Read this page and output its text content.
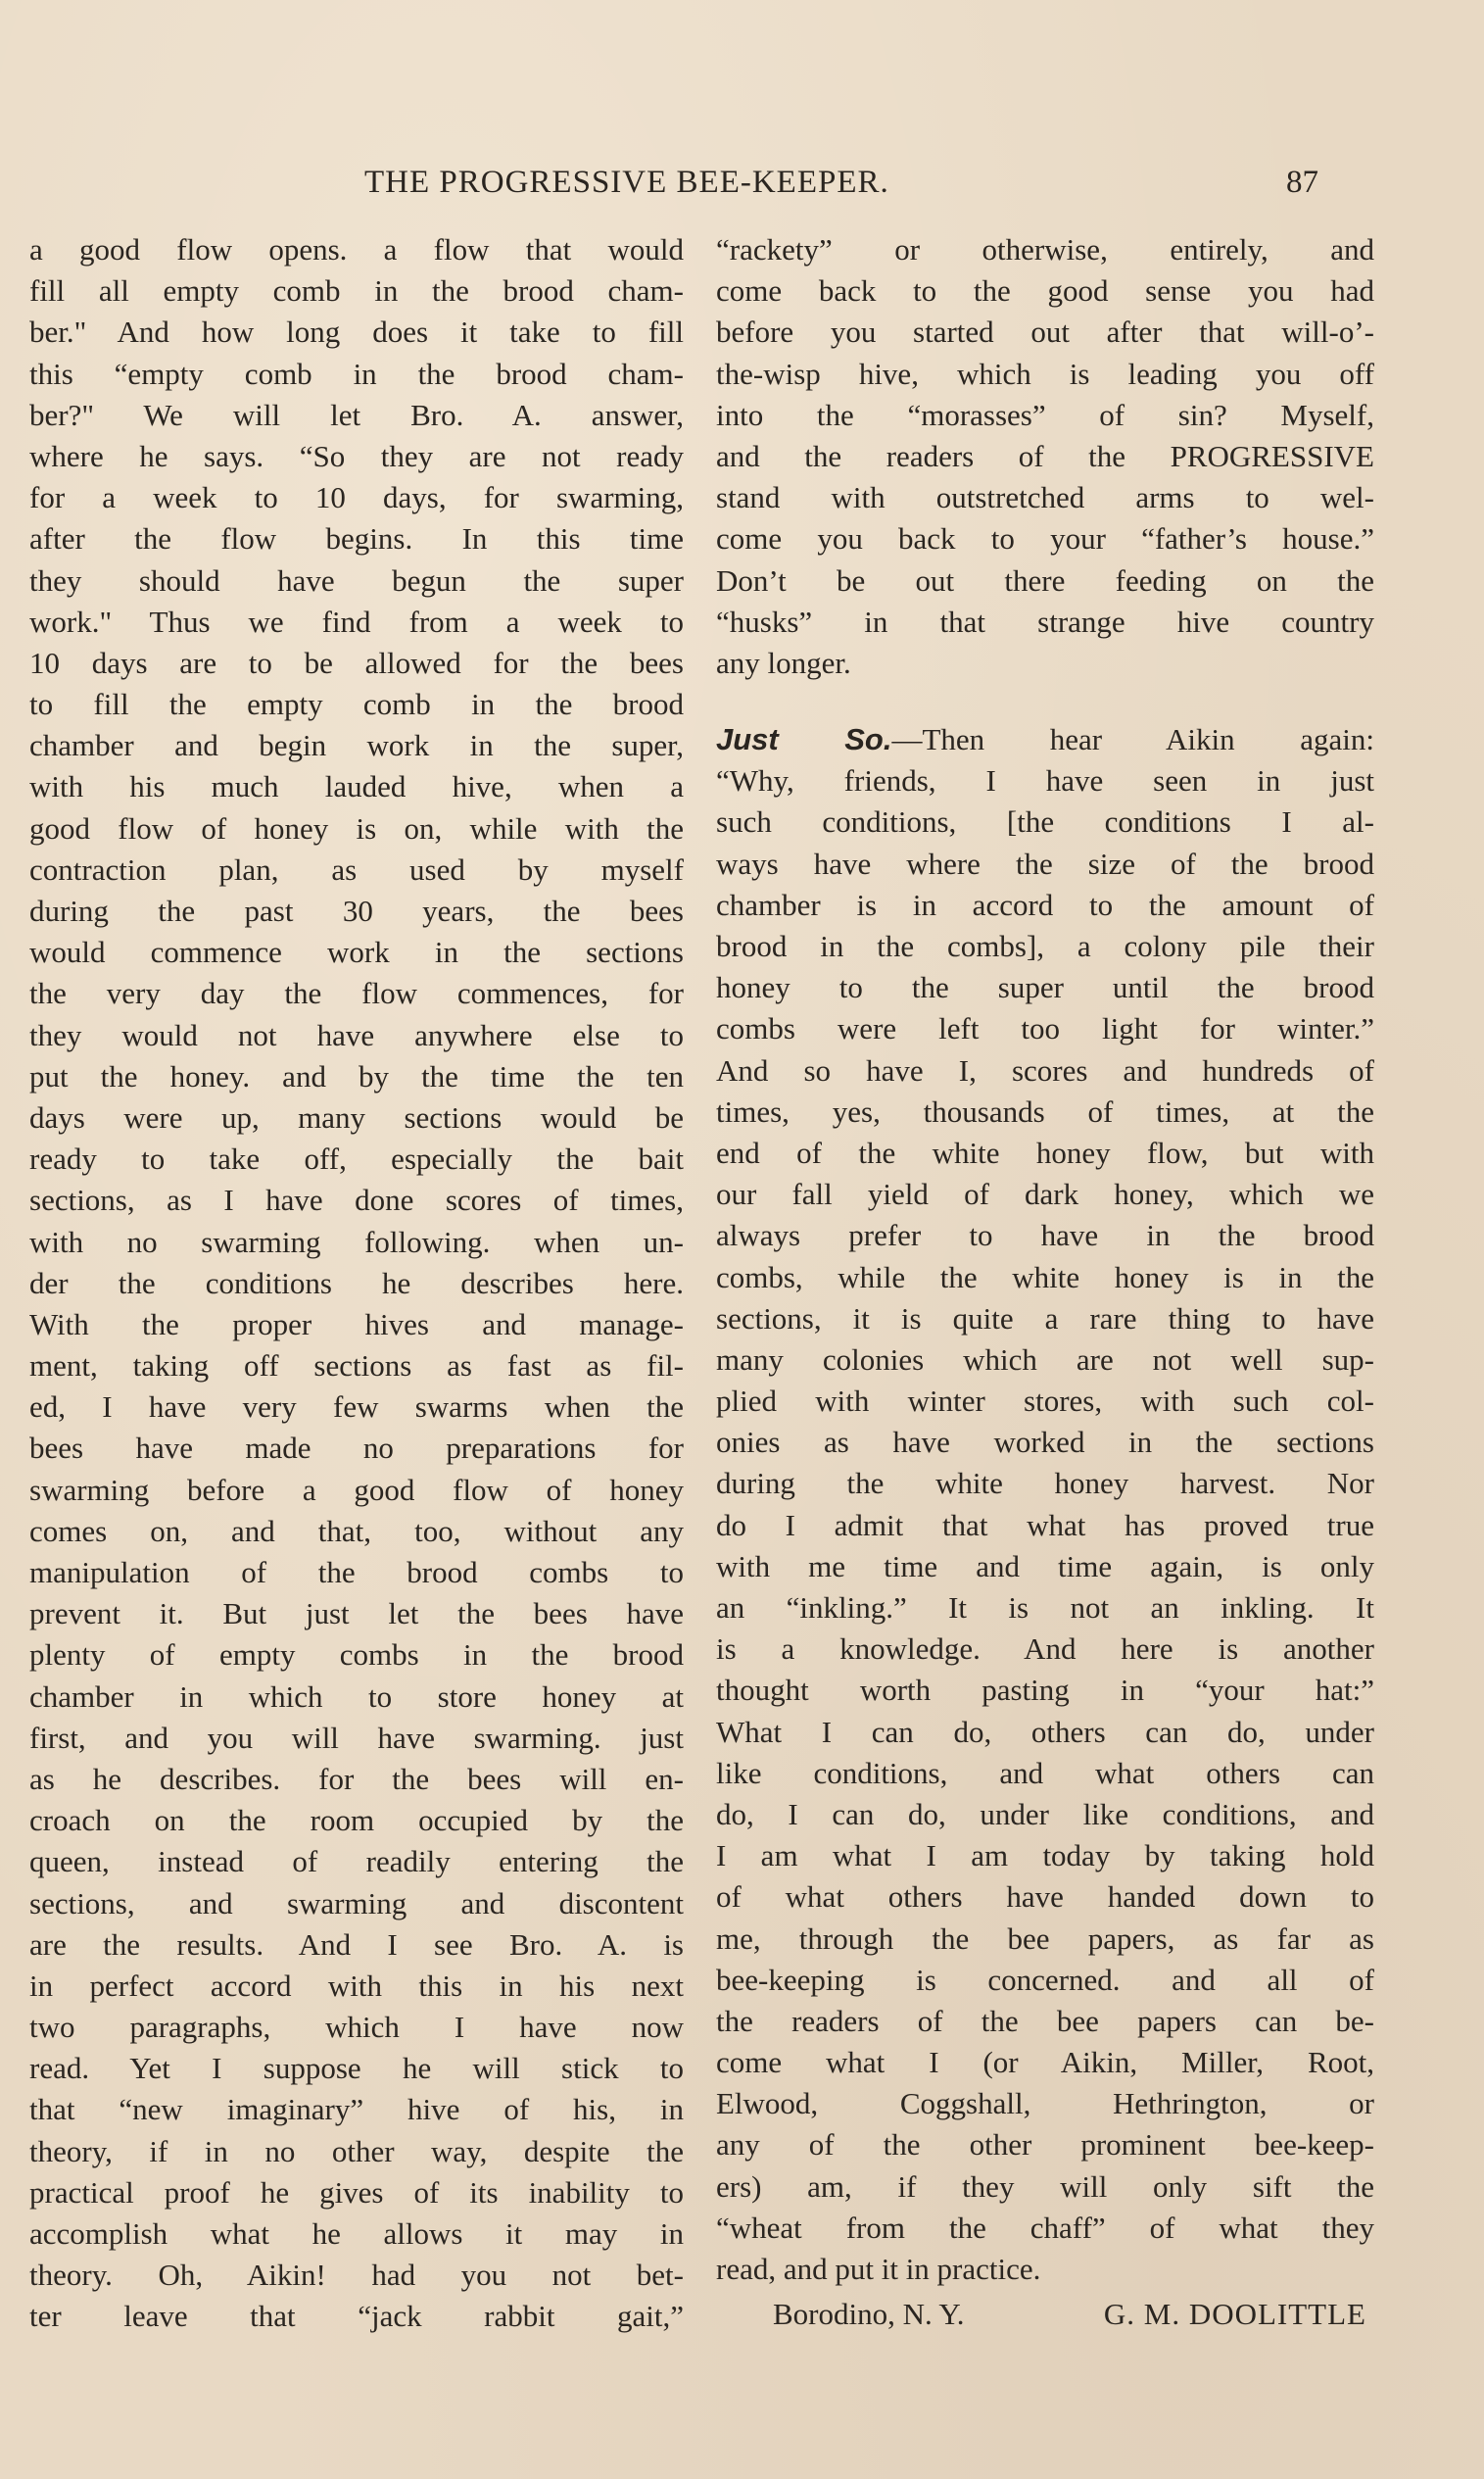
THE PROGRESSIVE BEE-KEEPER.	87
a good flow opens. a flow that would
fill all empty comb in the brood cham-
ber." And how long does it take to fill
this “empty comb in the brood cham-
ber?" We will let Bro. A. answer,
where he says. “So they are not ready
for a week to 10 days, for swarming,
after the flow begins. In this time
they should have begun the super
work." Thus we find from a week to
10 days are to be allowed for the bees
to fill the empty comb in the brood
chamber and begin work in the super,
with his much lauded hive, when a
good flow of honey is on, while with the
contraction plan, as used by myself
during the past 30 years, the bees
would commence work in the sections
the very day the flow commences, for
they would not have anywhere else to
put the honey. and by the time the ten
days were up, many sections would be
ready to take off, especially the bait
sections, as I have done scores of times,
with no swarming following. when un-
der the conditions he describes here.
With the proper hives and manage-
ment, taking off sections as fast as fil-
ed, I have very few swarms when the
bees have made no preparations for
swarming before a good flow of honey
comes on, and that, too, without any
manipulation of the brood combs to
prevent it. But just let the bees have
plenty of empty combs in the brood
chamber in which to store honey at
first, and you will have swarming. just
as he describes. for the bees will en-
croach on the room occupied by the
queen, instead of readily entering the
sections, and swarming and discontent
are the results. And I see Bro. A. is
in perfect accord with this in his next
two paragraphs, which I have now
read. Yet I suppose he will stick to
that “new imaginary” hive of his, in
theory, if in no other way, despite the
practical proof he gives of its inability to
accomplish what he allows it may in
theory. Oh, Aikin! had you not bet-
ter leave that “jack rabbit gait,”
“rackety” or otherwise, entirely, and
come back to the good sense you had
before you started out after that will-o’-
the-wisp hive, which is leading you off
into the “morasses” of sin? Myself,
and the readers of the PROGRESSIVE
stand with outstretched arms to wel-
come you back to your “father’s house.”
Don’t be out there feeding on the
“husks” in that strange hive country
any longer.
Just So.—Then hear Aikin again:
“Why, friends, I have seen in just
such conditions, [the conditions I al-
ways have where the size of the brood
chamber is in accord to the amount of
brood in the combs], a colony pile their
honey to the super until the brood
combs were left too light for winter.”
And so have I, scores and hundreds of
times, yes, thousands of times, at the
end of the white honey flow, but with
our fall yield of dark honey, which we
always prefer to have in the brood
combs, while the white honey is in the
sections, it is quite a rare thing to have
many colonies which are not well sup-
plied with winter stores, with such col-
onies as have worked in the sections
during the white honey harvest. Nor
do I admit that what has proved true
with me time and time again, is only
an “inkling.” It is not an inkling. It
is a knowledge. And here is another
thought worth pasting in “your hat:”
What I can do, others can do, under
like conditions, and what others can
do, I can do, under like conditions, and
I am what I am today by taking hold
of what others have handed down to
me, through the bee papers, as far as
bee-keeping is concerned. and all of
the readers of the bee papers can be-
come what I (or Aikin, Miller, Root,
Elwood, Coggshall, Hethrington, or
any of the other prominent bee-keep-
ers) am, if they will only sift the
“wheat from the chaff” of what they
read, and put it in practice.
Borodino, N. Y.	G. M. DOOLITTLE
